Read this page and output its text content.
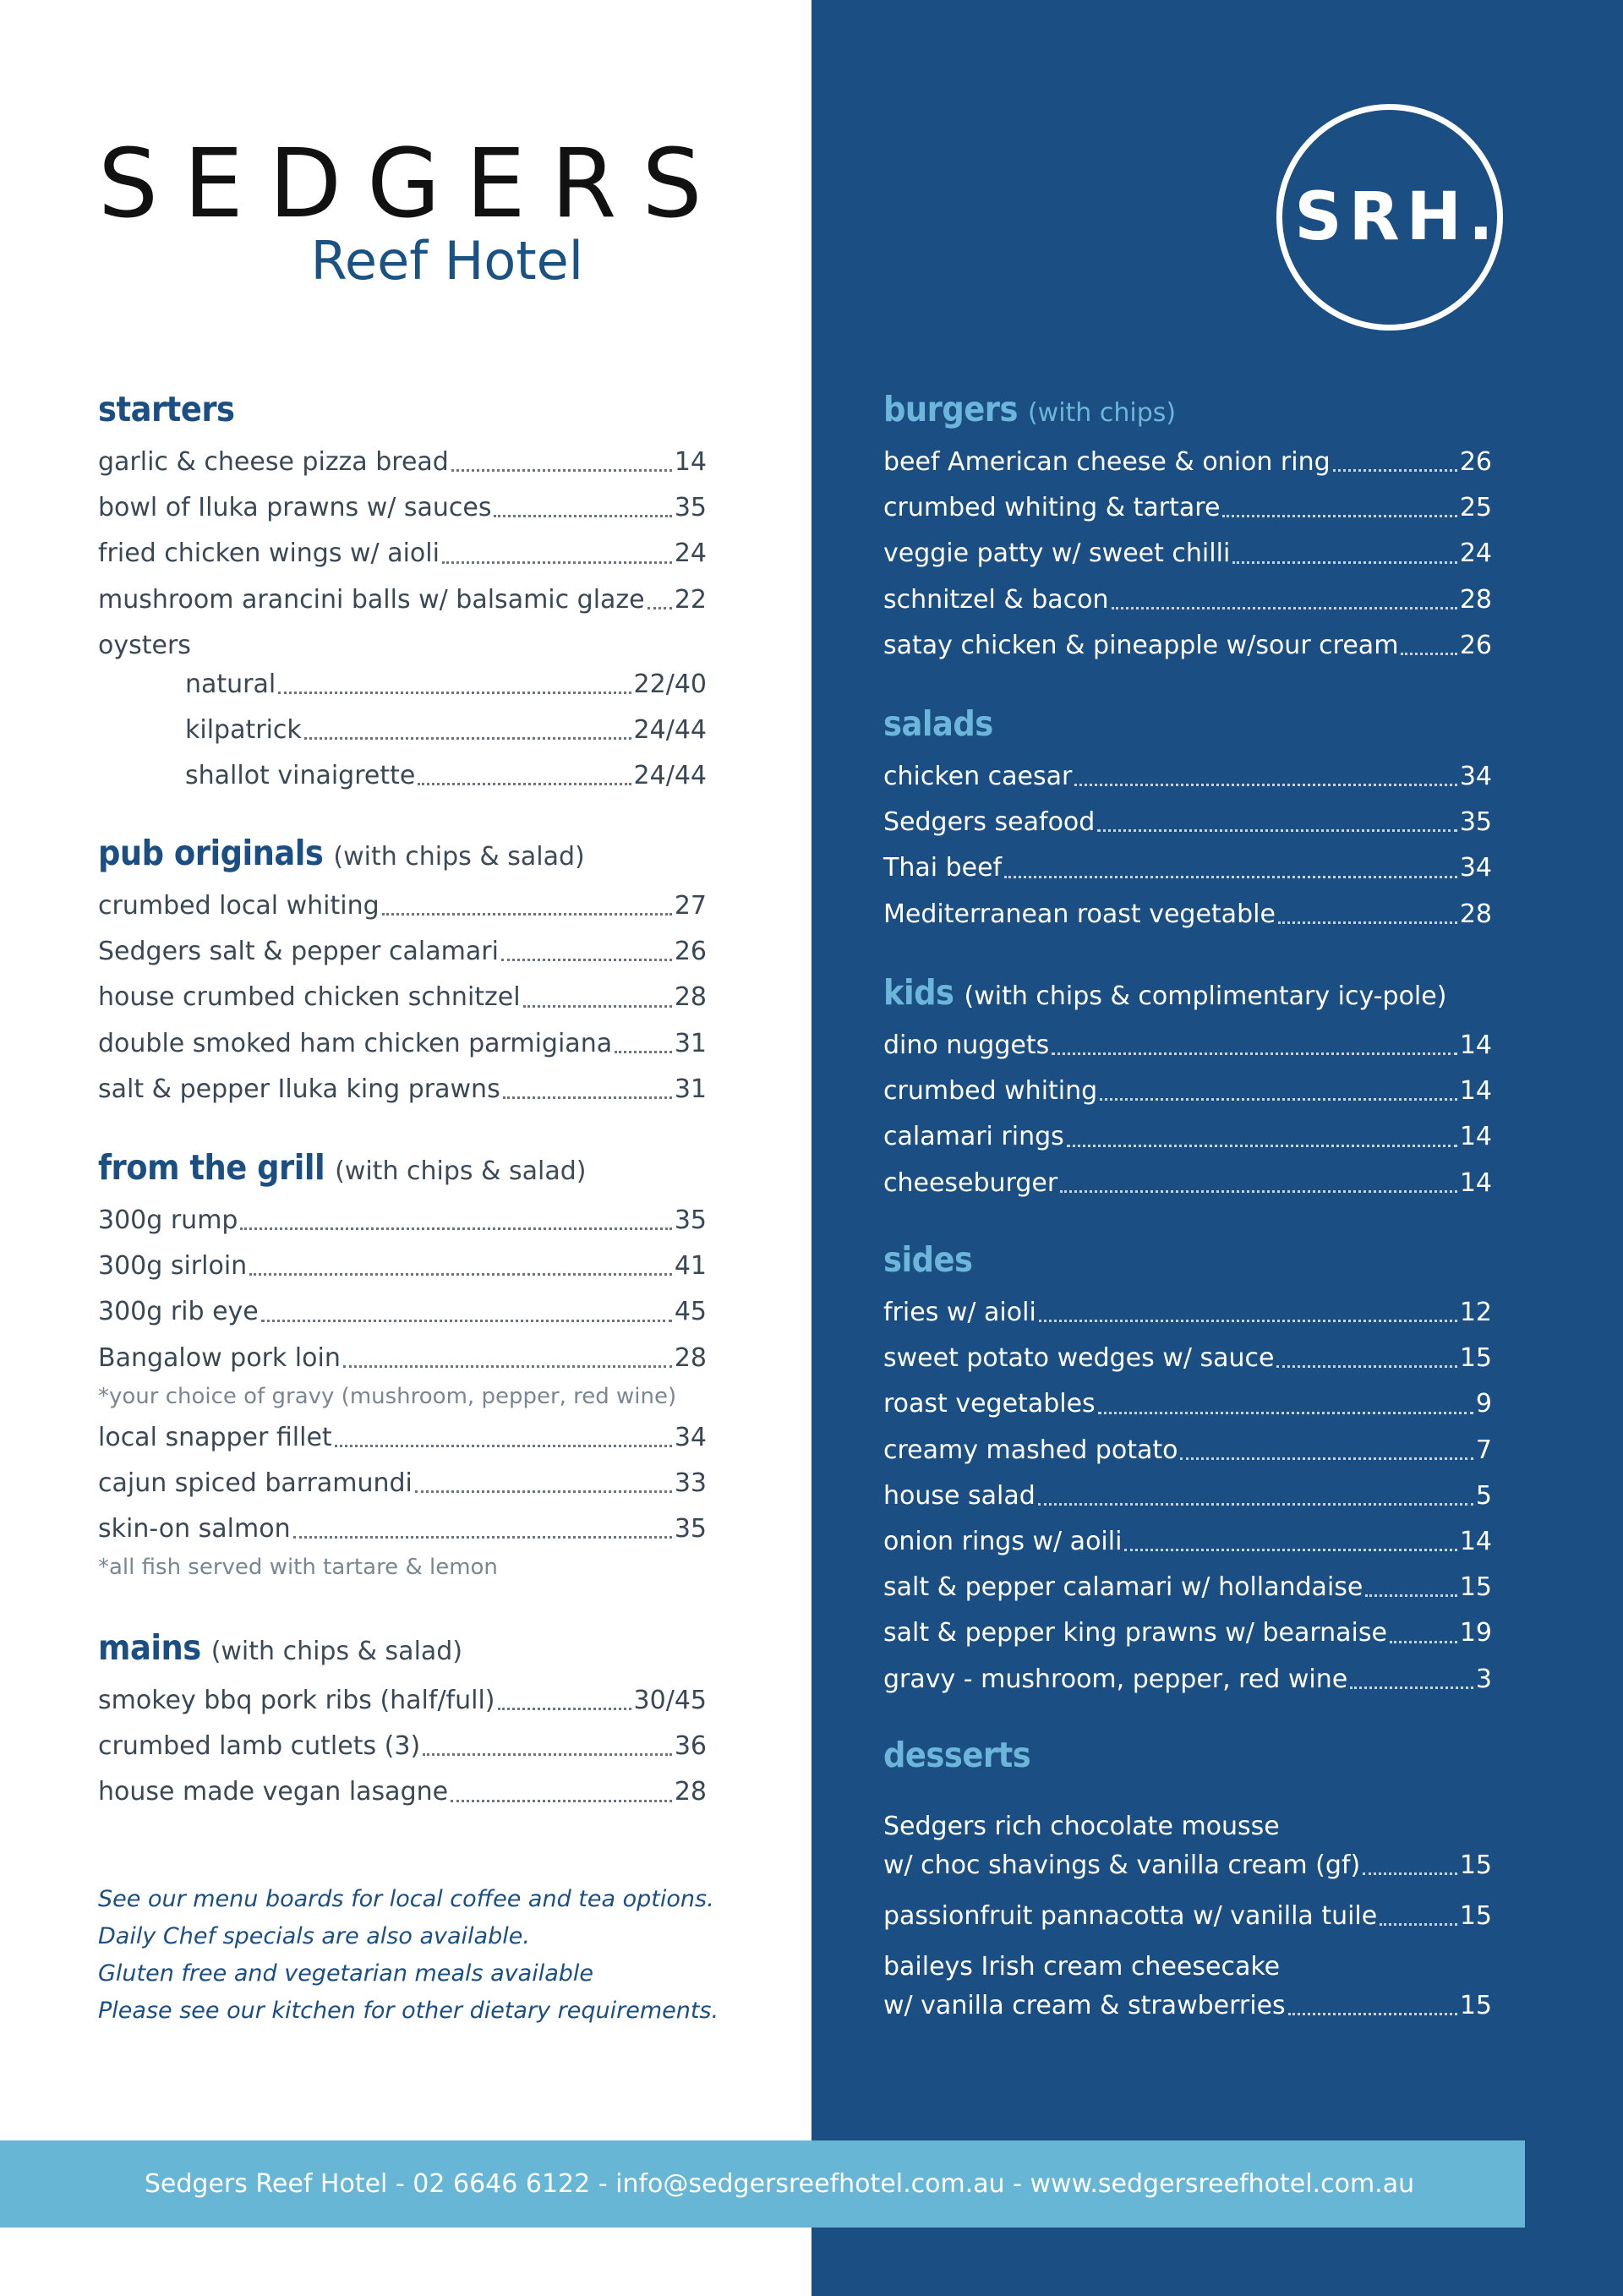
SEDGERS
Reef Hotel
SRH.
starters
garlic & cheese pizza bread	14
bowl of Iluka prawns w/ sauces	35
fried chicken wings w/ aioli	24
mushroom arancini balls w/ balsamic glaze 22
oysters
natural	22/40
kilpatrick	24/44
shallot vinaigrette	24/44
pub originals (with chips & salad)
crumbed local whiting	27
Sedgers salt & pepper calamari	26
house crumbed chicken schnitzel	28
double smoked ham chicken parmigiana 31
salt & pepper Iluka king prawns	31
from the grill (with chips & salad)
300g rump	35
300g sirloin	41
300g rib eye	45
Bangalow pork loin	28
*your choice of gravy (mushroom, pepper, red wine)
local snapper fillet	34
cajun spiced barramundi	33
skin-on salmon	35
*all fish served with tartare & lemon
mains (with chips & salad)
smokey bbq pork ribs (half/full)	30/45
crumbed lamb cutlets (3)	36
house made vegan lasagne	28
See our menu boards for local coffee and tea options.
Daily Chef specials are also available.
Gluten free and vegetarian meals available
Please see our kitchen for other dietary requirements.
burgers (with chips)
beef American cheese & onion ring	26
crumbed whiting & tartare	25
veggie patty w/ sweet chilli	24
schnitzel & bacon	28
satay chicken & pineapple w/sour cream 26
salads
chicken caesar	34
Sedgers seafood	35
Thai beef	34
Mediterranean roast vegetable	28
kids (with chips & complimentary icy-pole)
dino nuggets	14
crumbed whiting	14
calamari rings	14
cheeseburger	14
sides
fries w/ aioli	12
sweet potato wedges w/ sauce	15
roast vegetables	9
creamy mashed potato	7
house salad	5
onion rings w/ aoili	14
salt & pepper calamari w/ hollandaise	15
salt & pepper king prawns w/ bearnaise	19
gravy - mushroom, pepper, red wine	3
desserts
Sedgers rich chocolate mousse
w/ choc shavings & vanilla cream (gf)	15
passionfruit pannacotta w/ vanilla tuile	15
baileys Irish cream cheesecake
w/ vanilla cream & strawberries	15
Sedgers Reef Hotel - 02 6646 6122 - info@sedgersreefhotel.com.au - www.sedgersreefhotel.com.au
